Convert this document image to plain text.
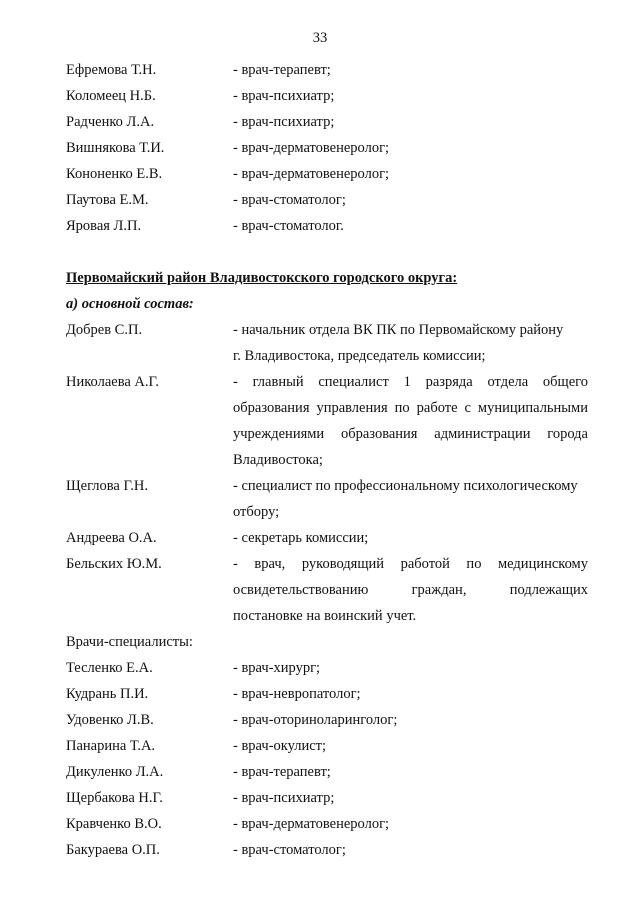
33
Ефремова Т.Н.	- врач-терапевт;
Коломеец Н.Б.	- врач-психиатр;
Радченко Л.А.	- врач-психиатр;
Вишнякова Т.И.	- врач-дерматовенеролог;
Кононенко Е.В.	- врач-дерматовенеролог;
Паутова Е.М.	- врач-стоматолог;
Яровая Л.П.	- врач-стоматолог.
Первомайский район Владивостокского городского округа:
а) основной состав:
Добрев С.П.	- начальник отдела ВК ПК по Первомайскому району
г. Владивостока, председатель комиссии;
Николаева А.Г.	- главный специалист 1 разряда отдела общего
образования управления по работе с муниципальными
учреждениями образования администрации города
Владивостока;
Щеглова Г.Н.	- специалист по профессиональному психологическому
отбору;
Андреева О.А.	- секретарь комиссии;
Бельских Ю.М.	- врач, руководящий работой по медицинскому
освидетельствованию граждан, подлежащих
постановке на воинский учет.
Врачи-специалисты:
Тесленко Е.А.	- врач-хирург;
Кудрань П.И.	- врач-невропатолог;
Удовенко Л.В.	- врач-оториноларинголог;
Панарина Т.А.	- врач-окулист;
Дикуленко Л.А.	- врач-терапевт;
Щербакова Н.Г.	- врач-психиатр;
Кравченко В.О.	- врач-дерматовенеролог;
Бакураева О.П.	- врач-стоматолог;
